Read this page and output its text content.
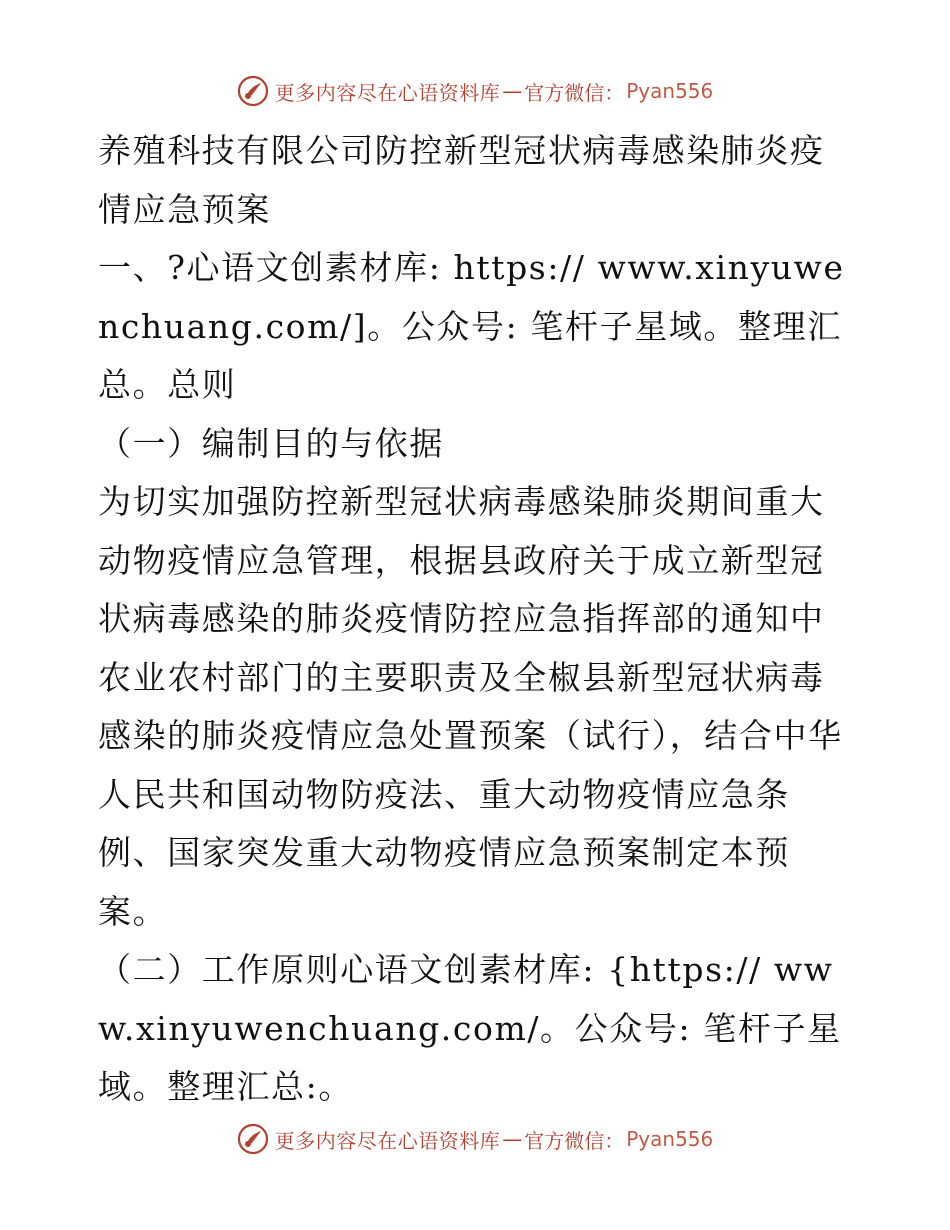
更多内容尽在心语资料库 — 官方微信： Pyan556

养殖科技有限公司防控新型冠状病毒感染肺炎疫情应急预案

一、?心语文创素材库: https:// www.xinyuwenchuang.com/]。公众号: 笔杆子星域。整理汇总。总则

（一）编制目的与依据

为切实加强防控新型冠状病毒感染肺炎期间重大动物疫情应急管理，根据县政府关于成立新型冠状病毒感染的肺炎疫情防控应急指挥部的通知中农业农村部门的主要职责及全椒县新型冠状病毒感染的肺炎疫情应急处置预案（试行），结合中华人民共和国动物防疫法、重大动物疫情应急条例、国家突发重大动物疫情应急预案制定本预案。

（二）工作原则心语文创素材库: {https:// www.xinyuwenchuang.com/。公众号: 笔杆子星域。整理汇总:。

更多内容尽在心语资料库 — 官方微信： Pyan556
